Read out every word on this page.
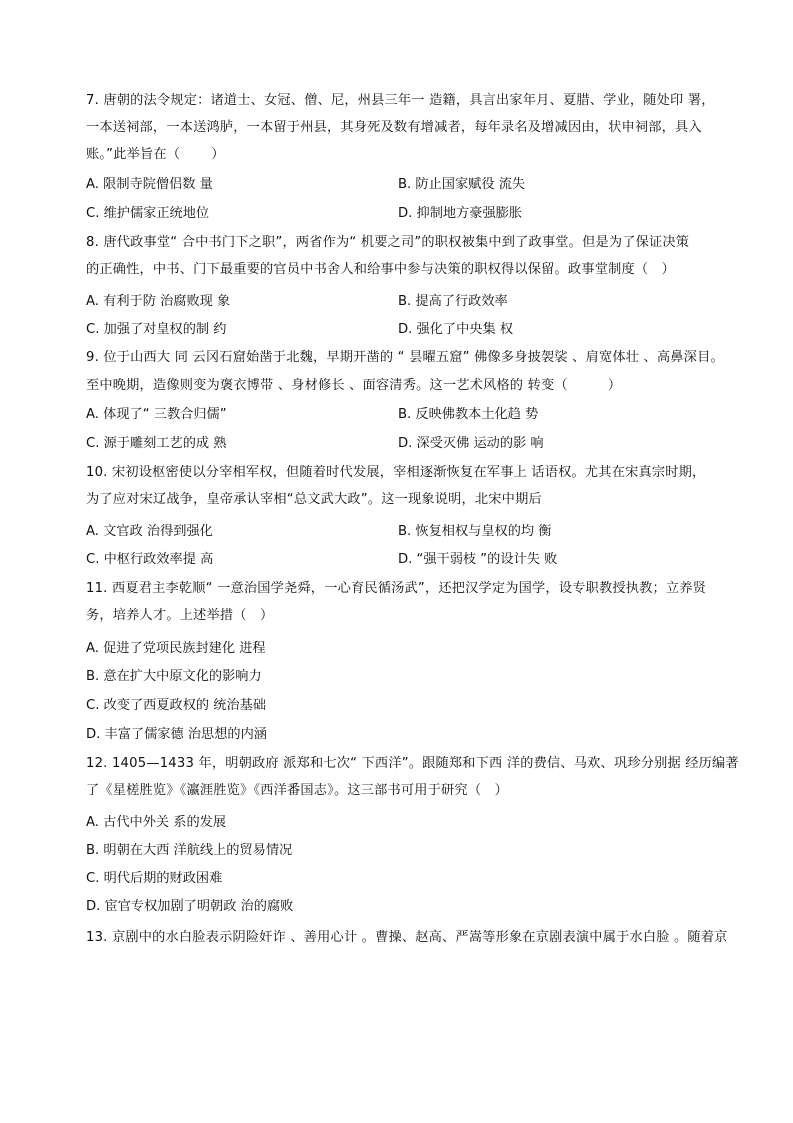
7. 唐朝的法令规定：诸道士、女冠、僧、尼，州县三年一 造籍，具言出家年月、夏腊、学业，随处印 署，
一本送祠部，一本送鸿胪，一本留于州县，其身死及数有增减者，每年录名及增减因由，状申祠部，具入
账。”此举旨在（ 　　）
A. 限制寺院僧侣数 量	B. 防止国家赋役 流失
C. 维护儒家正统地位	D. 抑制地方豪强膨胀
8. 唐代政事堂“ 合中书门下之职”，两省作为“ 机要之司”的职权被集中到了政事堂。但是为了保证决策
的正确性，中书、门下最重要的官员中书舍人和给事中参与决策的职权得以保留。政事堂制度（　）
A. 有利于防 治腐败现 象	B. 提高了行政效率
C. 加强了对皇权的制 约	D. 强化了中央集 权
9. 位于山西大 同 云冈石窟始凿于北魏，早期开凿的 “ 昙曜五窟” 佛像多身披袈裟 、肩宽体壮 、高鼻深目。
至中晚期，造像则变为褒衣博带 、身材修长 、面容清秀。这一艺术风格的 转变（　　　）
A. 体现了“ 三教合归儒”	B. 反映佛教本土化趋 势
C. 源于雕刻工艺的成 熟	D. 深受灭佛 运动的影 响
10. 宋初设枢密使以分宰相军权，但随着时代发展，宰相逐渐恢复在军事上 话语权。尤其在宋真宗时期，
为了应对宋辽战争，皇帝承认宰相“总文武大政”。这一现象说明，北宋中期后
A. 文官政 治得到强化	B. 恢复相权与皇权的均 衡
C. 中枢行政效率提 高	D. “强干弱枝 ”的设计失 败
11. 西夏君主李乾顺“ 一意治国学尧舜，一心育民循汤武”，还把汉学定为国学，设专职教授执教；立养贤
务，培养人才。上述举措（　）
A. 促进了党项民族封建化 进程
B. 意在扩大中原文化的影响力
C. 改变了西夏政权的 统治基础
D. 丰富了儒家德 治思想的内涵
12. 1405—1433 年，明朝政府 派郑和七次“ 下西洋”。跟随郑和下西 洋的费信、马欢、巩珍分别据 经历编著
了《星槎胜览》《瀛涯胜览》《西洋番国志》。这三部书可用于研究（　）
A. 古代中外关 系的发展
B. 明朝在大西 洋航线上的贸易情况
C. 明代后期的财政困难
D. 宦官专权加剧了明朝政 治的腐败
13. 京剧中的水白脸表示阴险奸诈 、善用心计 。曹操、赵高、严嵩等形象在京剧表演中属于水白脸 。随着京
